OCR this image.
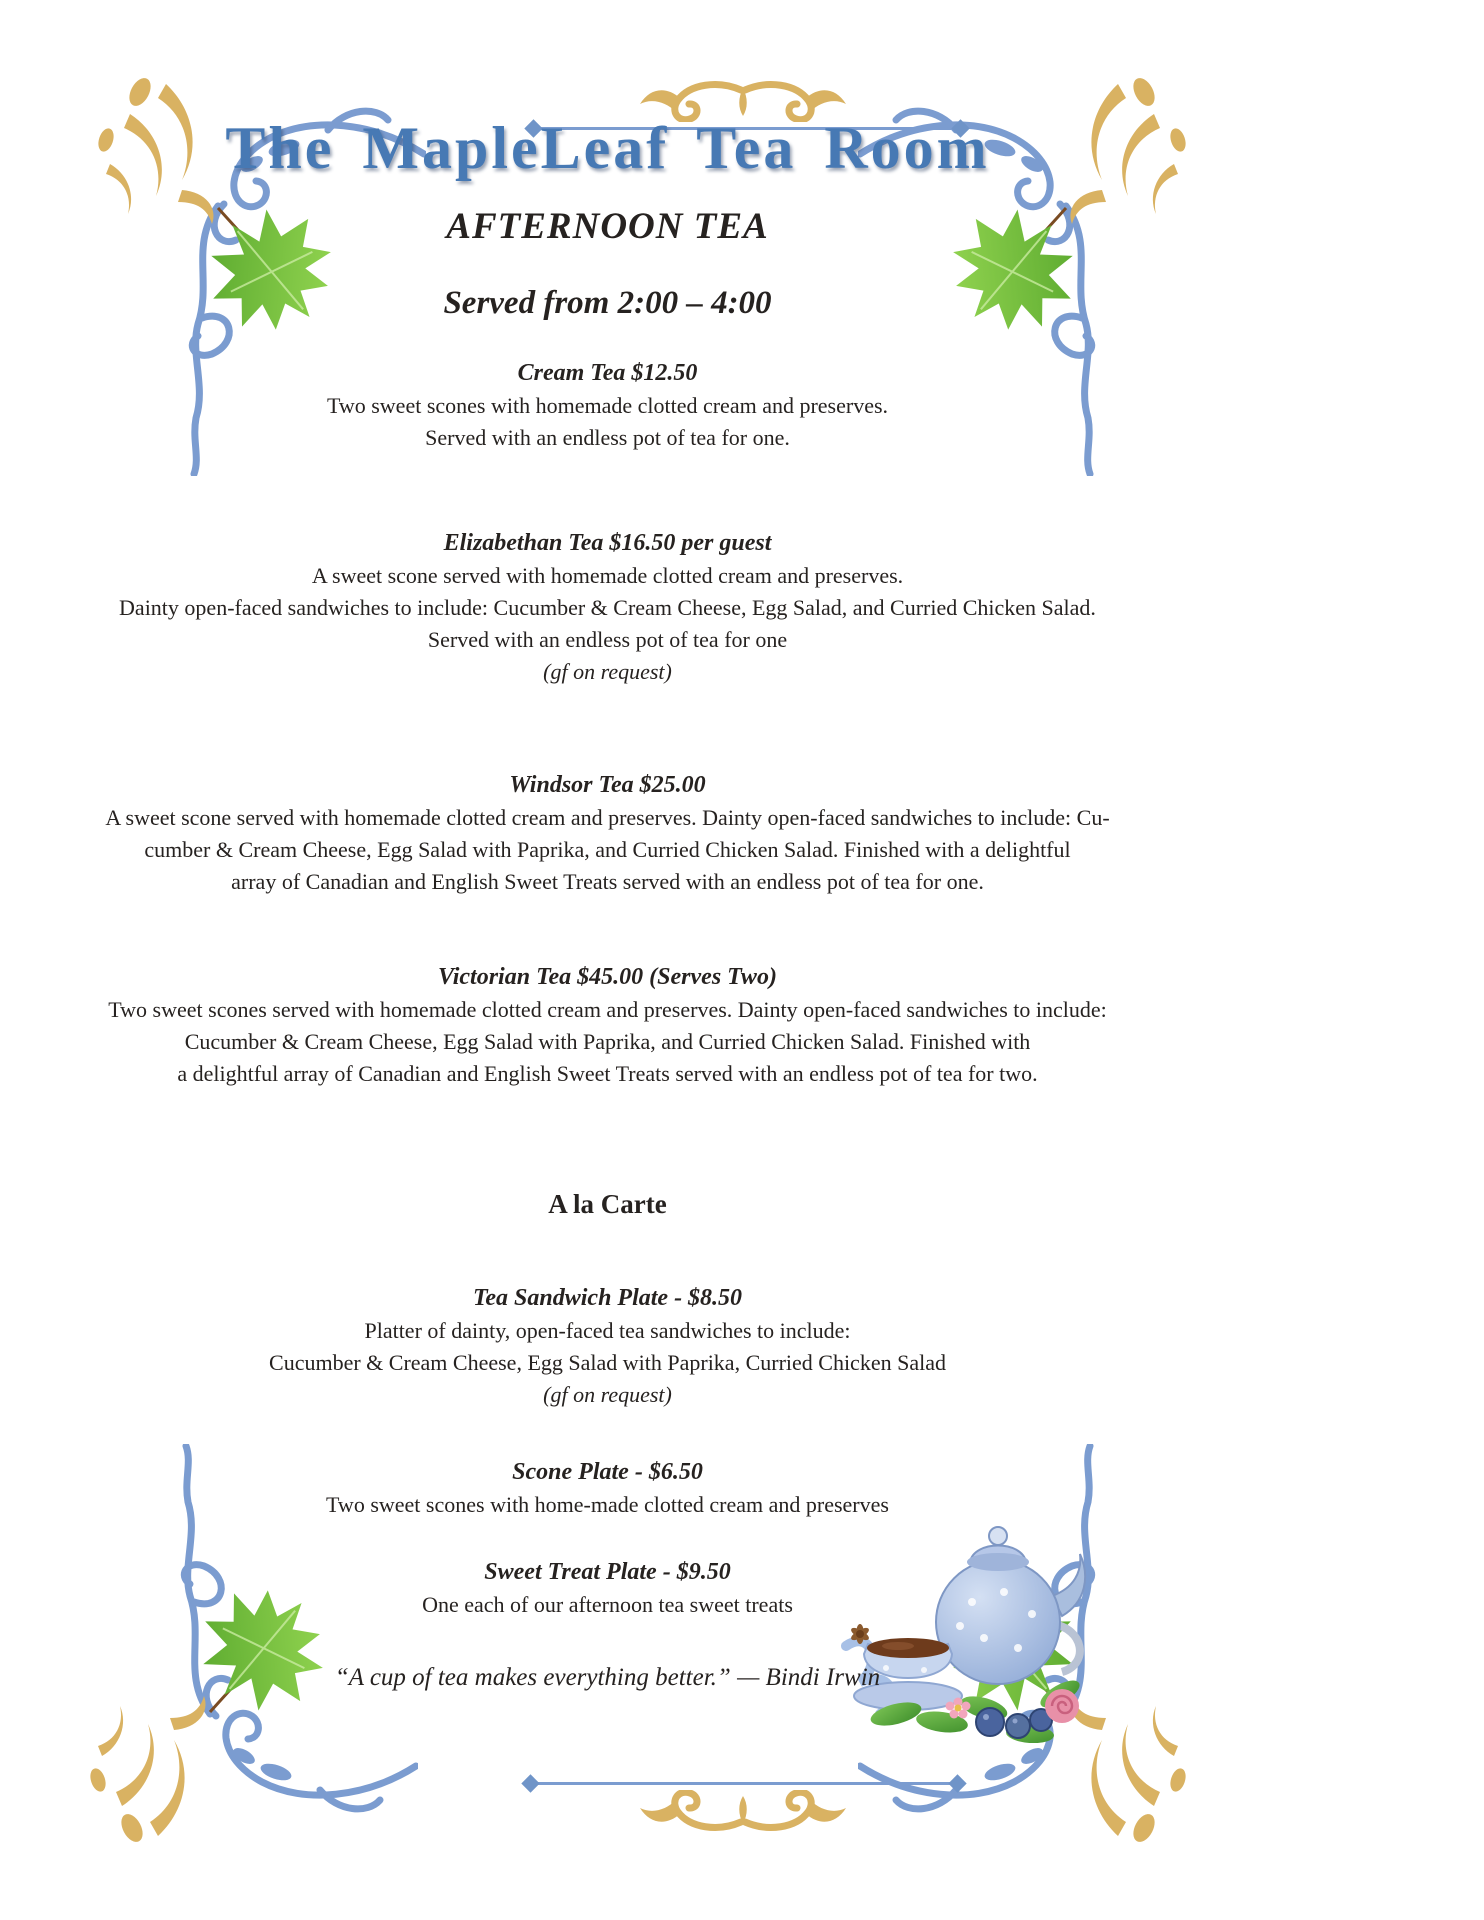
The MapleLeaf Tea Room
AFTERNOON TEA
Served from 2:00 – 4:00
Cream Tea $12.50
Two sweet scones with homemade clotted cream and preserves.
Served with an endless pot of tea for one.
Elizabethan Tea $16.50 per guest
A sweet scone served with homemade clotted cream and preserves.
Dainty open-faced sandwiches to include: Cucumber & Cream Cheese, Egg Salad, and Curried Chicken Salad.
Served with an endless pot of tea for one
(gf on request)
Windsor Tea $25.00
A sweet scone served with homemade clotted cream and preserves. Dainty open-faced sandwiches to include: Cu-
cumber & Cream Cheese, Egg Salad with Paprika, and Curried Chicken Salad. Finished with a delightful
array of Canadian and English Sweet Treats served with an endless pot of tea for one.
Victorian Tea $45.00 (Serves Two)
Two sweet scones served with homemade clotted cream and preserves. Dainty open-faced sandwiches to include:
Cucumber & Cream Cheese, Egg Salad with Paprika, and Curried Chicken Salad. Finished with
a delightful array of Canadian and English Sweet Treats served with an endless pot of tea for two.
A la Carte
Tea Sandwich Plate - $8.50
Platter of dainty, open-faced tea sandwiches to include:
Cucumber & Cream Cheese, Egg Salad with Paprika, Curried Chicken Salad
(gf on request)
Scone Plate - $6.50
Two sweet scones with home-made clotted cream and preserves
Sweet Treat Plate - $9.50
One each of our afternoon tea sweet treats
“A cup of tea makes everything better.” — Bindi Irwin
